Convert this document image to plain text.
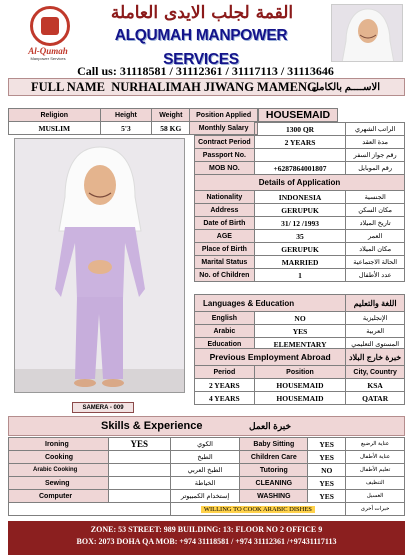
Al-Qumah
Manpower Services
القمة لجلب الايدى العاملة
ALQUMAH MANPOWER SERVICES
Call us: 31118581 / 31112361 / 31117113 / 31113646
FULL NAME NURHALIMAH JIWANG MAMENG
الاســــم بالكامل
Religion	Height	Weight	Position Applied
MUSLIM	5'3	58 KG	Monthly Salary
HOUSEMAID
	1300 QR	الراتب الشهري
Contract Period	2 YEARS	مدة العقد
Passport No.		رقم جواز السفر
MOB NO.	+6287864001807	رقم الموبايل
Details of Application		
Nationality	INDONESIA	الجنسية
Address	GERUPUK	مكان السكن
Date of Birth	31/ 12 /1993	تاريخ الميلاد
AGE	35	العمر
Place of Birth	GERUPUK	مكان الميلاد
Marital Status	MARRIED	الحالة الاجتماعية
No. of Children	1	عدد الأطفال
Languages & Education		اللغة والتعليم
English	NO	الإنجليزية
Arabic	YES	العربية
Education	ELEMENTARY	المستوى التعليمي
Previous Employment Abroad		خبرة خارج البلاد
Period	Position	City, Country
2 YEARS	HOUSEMAID	KSA
4 YEARS	HOUSEMAID	QATAR
SAMERA - 009
Skills & Experience	خبرة العمل
Ironing	YES	الكوي	Baby Sitting	YES	عناية الرضيع
Cooking		الطبخ	Children Care	YES	عناية الأطفال
Arabic Cooking		الطبخ العربي	Tutoring	NO	تعليم الأطفال
Sewing		الخياطة	CLEANING	YES	التنظيف
Computer		إستخدام الكمبيوتر	WASHING	YES	الغسيل
		WILLING TO COOK ARABIC DISHES			خبرات أخرى
ZONE: 53 STREET: 989 BUILDING: 13: FLOOR NO 2 OFFICE 9
BOX: 2073 DOHA QA MOB: +974 31118581 / +974 31112361 /+97431117113
